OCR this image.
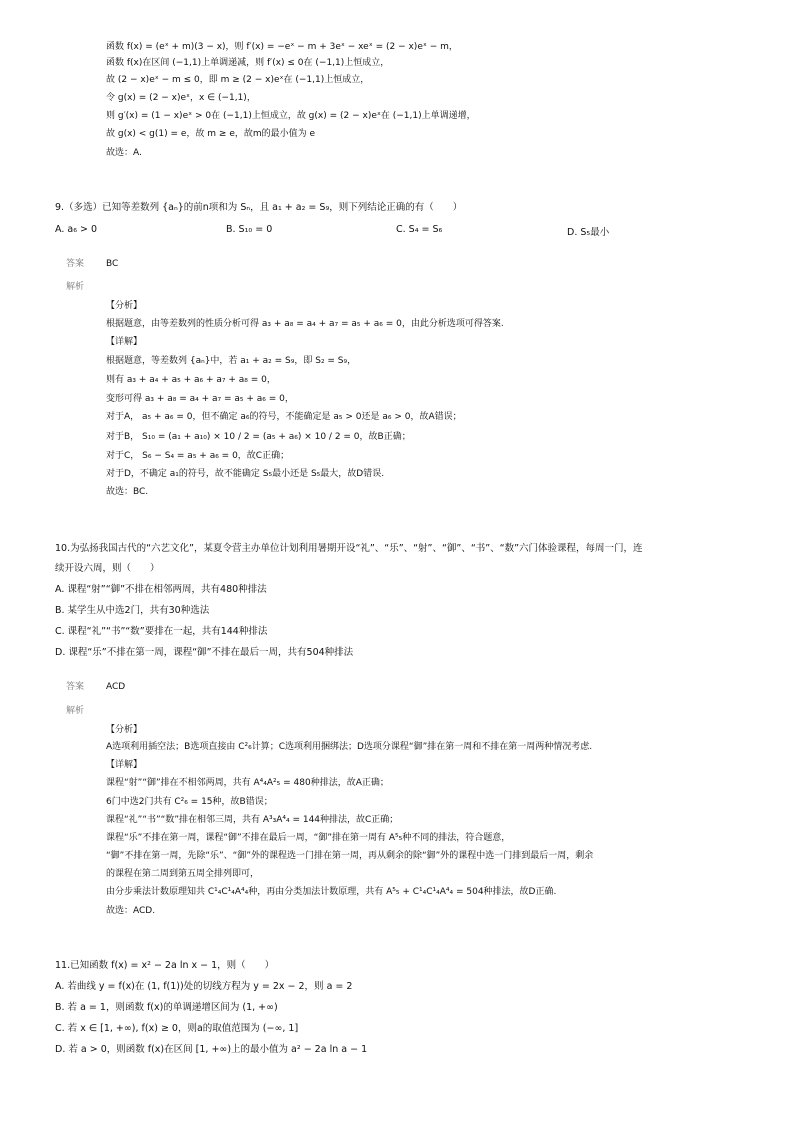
函数 f(x) = (eˣ + m)(3 − x)，则 f′(x) = −eˣ − m + 3eˣ − xeˣ = (2 − x)eˣ − m，
函数 f(x)在区间 (−1,1)上单调递减，则 f′(x) ≤ 0在 (−1,1)上恒成立，
故 (2 − x)eˣ − m ≤ 0，即 m ≥ (2 − x)eˣ在 (−1,1)上恒成立，
令 g(x) = (2 − x)eˣ，x ∈ (−1,1)，
则 g′(x) = (1 − x)eˣ > 0在 (−1,1)上恒成立，故 g(x) = (2 − x)eˣ在 (−1,1)上单调递增，
故 g(x) < g(1) = e，故 m ≥ e，故m的最小值为 e
故选：A.
9.（多选）已知等差数列 {aₙ}的前n项和为 Sₙ，且 a₁ + a₂ = S₉，则下列结论正确的有（　　）
A. a₆ > 0	B. S₁₀ = 0	C. S₄ = S₆	D. S₅最小
答案 BC
解析
【分析】
根据题意，由等差数列的性质分析可得 a₃ + a₈ = a₄ + a₇ = a₅ + a₆ = 0，由此分析选项可得答案.
【详解】
根据题意，等差数列 {aₙ}中，若 a₁ + a₂ = S₉，即 S₂ = S₉，
则有 a₃ + a₄ + a₅ + a₆ + a₇ + a₈ = 0，
变形可得 a₃ + a₈ = a₄ + a₇ = a₅ + a₆ = 0，
对于A， a₅ + a₆ = 0，但不确定 a₆的符号，不能确定是 a₅ > 0还是 a₆ > 0，故A错误；
对于B， S₁₀ = (a₁ + a₁₀) × 10 / 2 = (a₅ + a₆) × 10 / 2 = 0，故B正确；
对于C， S₆ − S₄ = a₅ + a₆ = 0，故C正确；
对于D，不确定 a₁的符号，故不能确定 S₅最小还是 S₅最大，故D错误.
故选：BC.
10.为弘扬我国古代的“六艺文化”，某夏令营主办单位计划利用暑期开设“礼”、“乐”、“射”、“御”、“书”、“数”六门体验课程，每周一门，连
续开设六周，则（　　）
A. 课程“射”“御”不排在相邻两周，共有480种排法
B. 某学生从中选2门，共有30种选法
C. 课程“礼”“书”“数”要排在一起，共有144种排法
D. 课程“乐”不排在第一周，课程“御”不排在最后一周，共有504种排法
答案 ACD
解析
【分析】
A选项利用插空法；B选项直接由 C²₆计算；C选项利用捆绑法；D选项分课程“御”排在第一周和不排在第一周两种情况考虑.
【详解】
课程“射”“御”排在不相邻两周，共有 A⁴₄A²₅ = 480种排法，故A正确；
6门中选2门共有 C²₆ = 15种，故B错误；
课程“礼”“书”“数”排在相邻三周，共有 A³₃A⁴₄ = 144种排法，故C正确；
课程“乐”不排在第一周，课程“御”不排在最后一周，“御”排在第一周有 A⁵₅种不同的排法，符合题意，
“御”不排在第一周，先除“乐”、“御”外的课程选一门排在第一周，再从剩余的除“御”外的课程中选一门排到最后一周，剩余
的课程在第二周到第五周全排列即可，
由分步乘法计数原理知共 C¹₄C¹₄A⁴₄种，再由分类加法计数原理，共有 A⁵₅ + C¹₄C¹₄A⁴₄ = 504种排法，故D正确.
故选：ACD.
11.已知函数 f(x) = x² − 2a ln x − 1，则（　　）
A. 若曲线 y = f(x)在 (1, f(1))处的切线方程为 y = 2x − 2，则 a = 2
B. 若 a = 1，则函数 f(x)的单调递增区间为 (1, +∞)
C. 若 x ∈ [1, +∞), f(x) ≥ 0，则a的取值范围为 (−∞, 1]
D. 若 a > 0，则函数 f(x)在区间 [1, +∞)上的最小值为 a² − 2a ln a − 1
